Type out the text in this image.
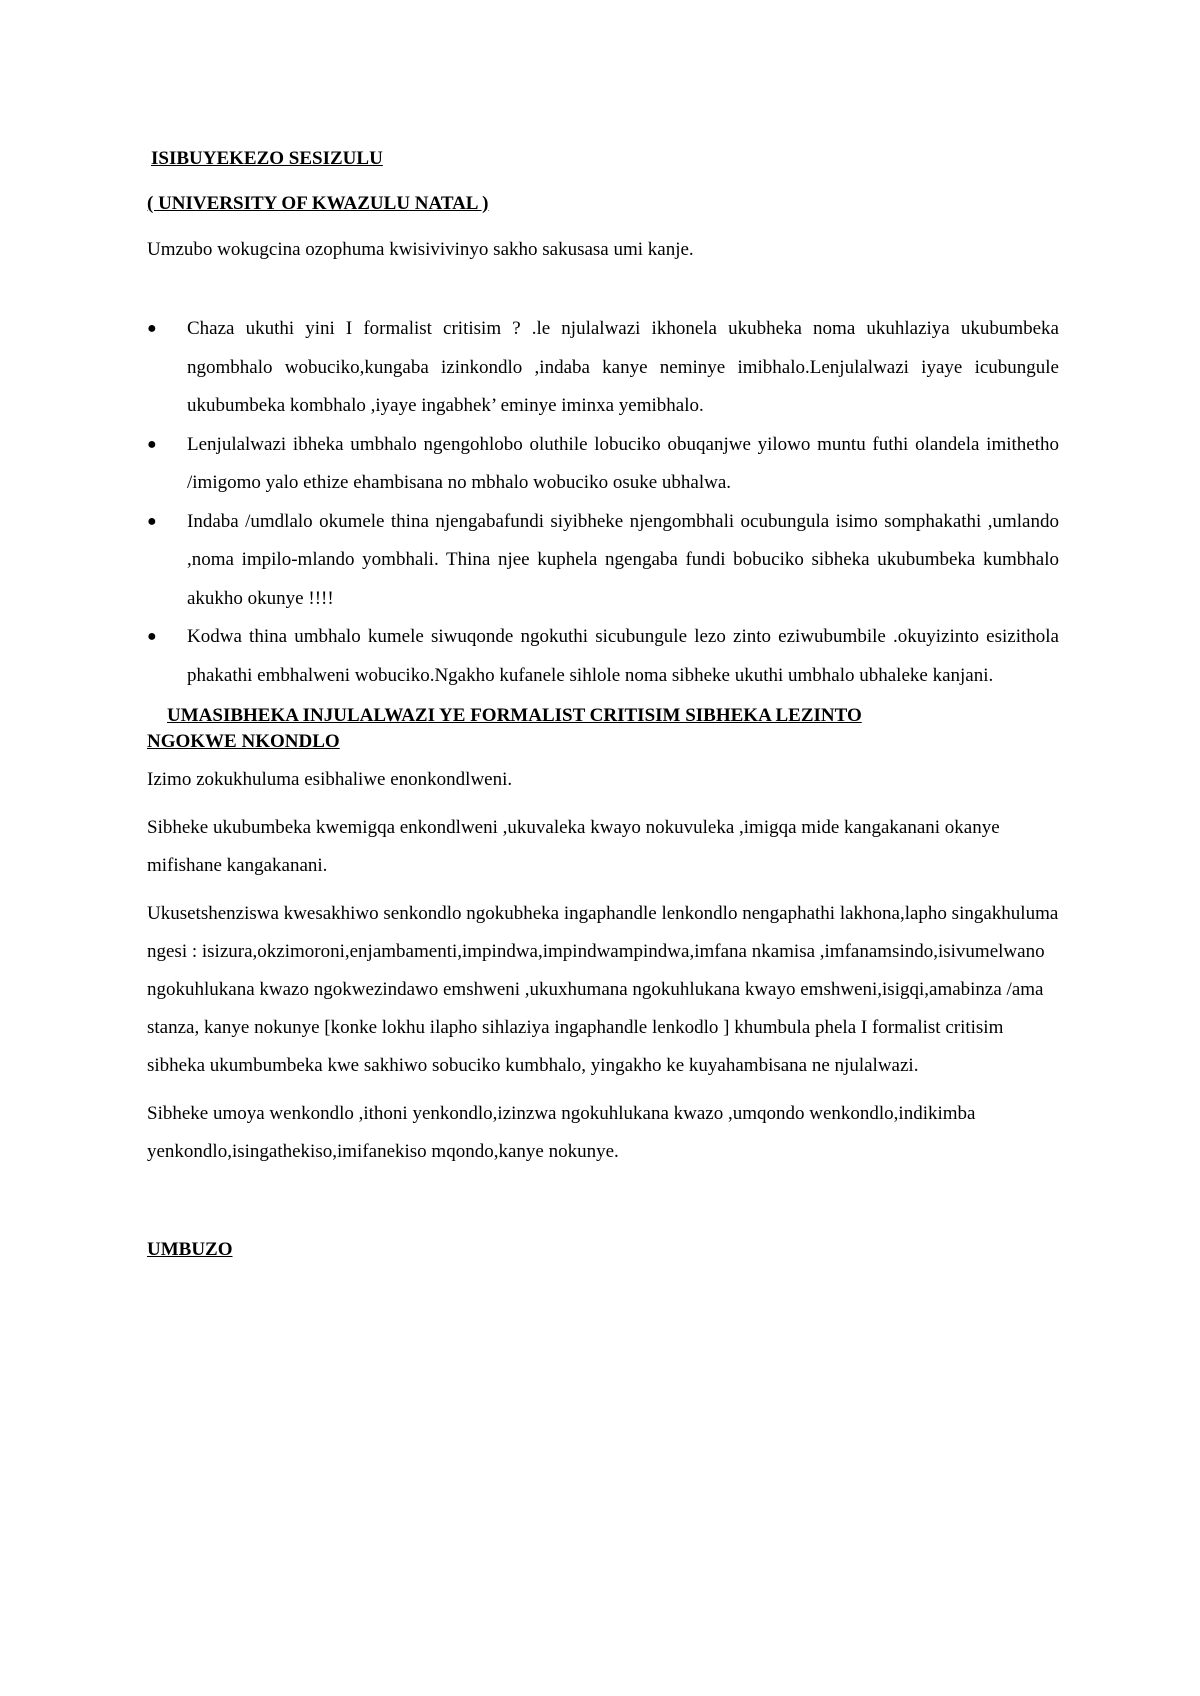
ISIBUYEKEZO SESIZULU
( UNIVERSITY OF KWAZULU NATAL )

Umzubo wokugcina ozophuma kwisivivinyo sakho sakusasa umi kanje.

● Chaza ukuthi yini I formalist critisim ? .le njulalwazi ikhonela ukubheka noma ukuhlaziya ukubumbeka ngombhalo wobuciko,kungaba izinkondlo ,indaba kanye neminye imibhalo.Lenjulalwazi iyaye icubungule ukubumbeka kombhalo ,iyaye ingabhek’ eminye iminxa yemibhalo.
● Lenjulalwazi ibheka umbhalo ngengohlobo oluthile lobuciko obuqanjwe yilowo muntu futhi olandela imithetho /imigomo yalo ethize ehambisana no mbhalo wobuciko osuke ubhalwa.
● Indaba /umdlalo okumele thina njengabafundi siyibheke njengombhali ocubungula isimo somphakathi ,umlando ,noma impilo-mlando yombhali. Thina njee kuphela ngengaba fundi bobuciko sibheka ukubumbeka kumbhalo akukho okunye !!!!
● Kodwa thina umbhalo kumele siwuqonde ngokuthi sicubungule lezo zinto eziwubumbile .okuyizinto esizithola phakathi embhalweni wobuciko.Ngakho kufanele sihlole noma sibheke ukuthi umbhalo ubhaleke kanjani.
UMASIBHEKA INJULALWAZI YE FORMALIST CRITISIM SIBHEKA LEZINTO
NGOKWE NKONDLO

Izimo zokukhuluma esibhaliwe enonkondlweni.

Sibheke ukubumbeka kwemigqa enkondlweni ,ukuvaleka kwayo nokuvuleka ,imigqa mide kangakanani okanye mifishane kangakanani.

Ukusetshenziswa kwesakhiwo senkondlo ngokubheka ingaphandle lenkondlo nengaphathi lakhona,lapho singakhuluma ngesi : isizura,okzimoroni,enjambamenti,impindwa,impindwampindwa,imfana nkamisa ,imfanamsindo,isivumelwano ngokuhlukana kwazo ngokwezindawo emshweni ,ukuxhumana ngokuhlukana kwayo emshweni,isigqi,amabinza /ama stanza, kanye nokunye [konke lokhu ilapho sihlaziya ingaphandle lenkodlo ] khumbula phela I formalist critisim sibheka ukumbumbeka kwe sakhiwo sobuciko kumbhalo, yingakho ke kuyahambisana ne njulalwazi.

Sibheke umoya wenkondlo ,ithoni yenkondlo,izinzwa ngokuhlukana kwazo ,umqondo wenkondlo,indikimba yenkondlo,isingathekiso,imifanekiso mqondo,kanye nokunye.

UMBUZO
